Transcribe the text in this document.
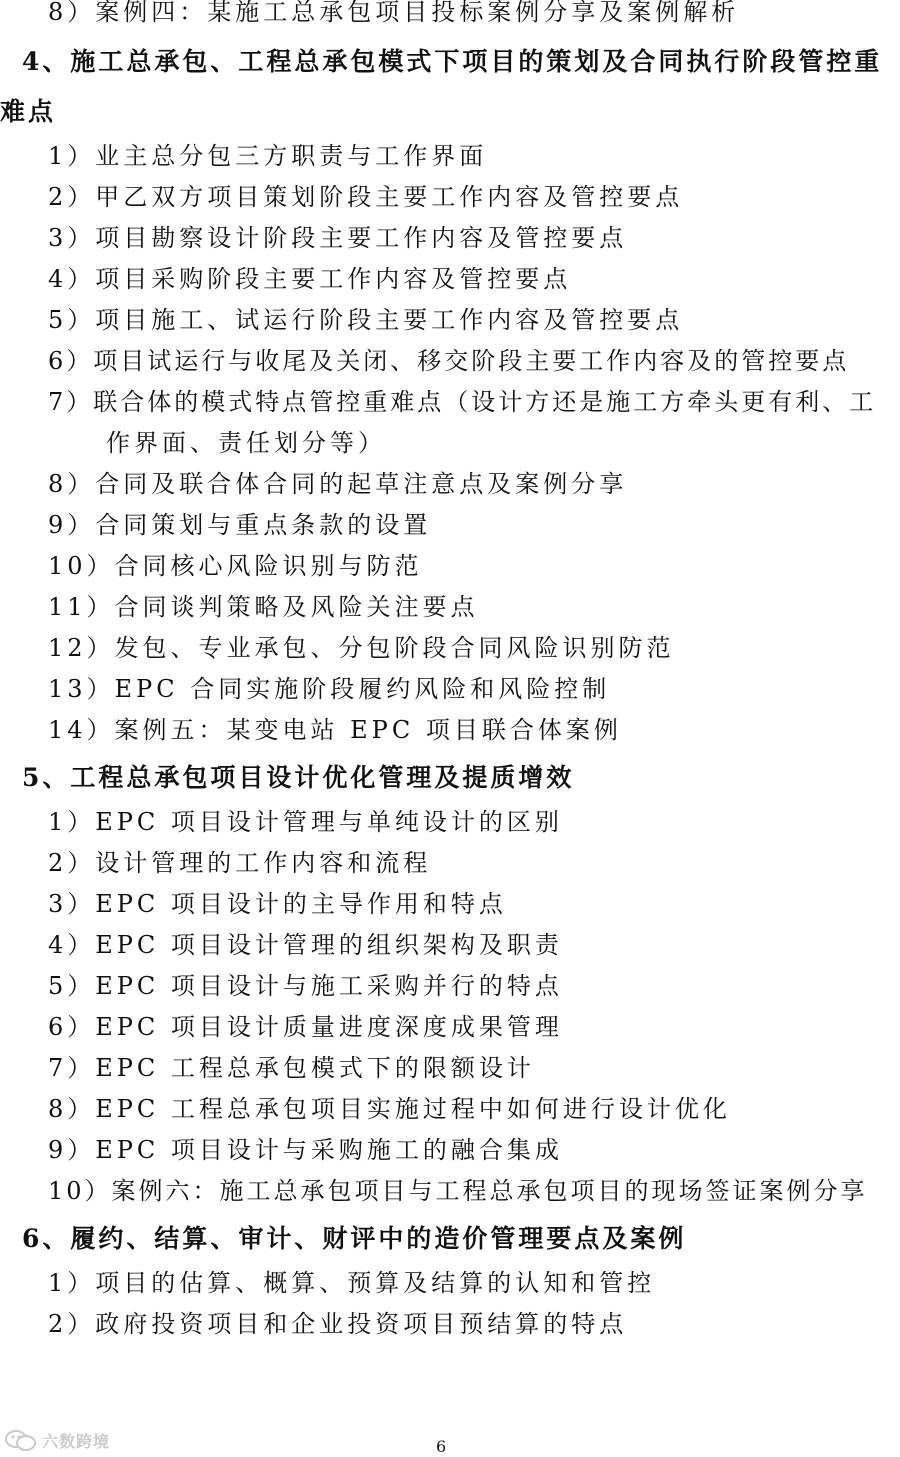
8）案例四：某施工总承包项目投标案例分享及案例解析
4、施工总承包、工程总承包模式下项目的策划及合同执行阶段管控重
难点
1）业主总分包三方职责与工作界面
2）甲乙双方项目策划阶段主要工作内容及管控要点
3）项目勘察设计阶段主要工作内容及管控要点
4）项目采购阶段主要工作内容及管控要点
5）项目施工、试运行阶段主要工作内容及管控要点
6）项目试运行与收尾及关闭、移交阶段主要工作内容及的管控要点
7）联合体的模式特点管控重难点（设计方还是施工方牵头更有利、工
作界面、责任划分等）
8）合同及联合体合同的起草注意点及案例分享
9）合同策划与重点条款的设置
10）合同核心风险识别与防范
11）合同谈判策略及风险关注要点
12）发包、专业承包、分包阶段合同风险识别防范
13）EPC 合同实施阶段履约风险和风险控制
14）案例五：某变电站 EPC 项目联合体案例
5、工程总承包项目设计优化管理及提质增效
1）EPC 项目设计管理与单纯设计的区别
2）设计管理的工作内容和流程
3）EPC 项目设计的主导作用和特点
4）EPC 项目设计管理的组织架构及职责
5）EPC 项目设计与施工采购并行的特点
6）EPC 项目设计质量进度深度成果管理
7）EPC 工程总承包模式下的限额设计
8）EPC 工程总承包项目实施过程中如何进行设计优化
9）EPC 项目设计与采购施工的融合集成
10）案例六：施工总承包项目与工程总承包项目的现场签证案例分享
6、履约、结算、审计、财评中的造价管理要点及案例
1）项目的估算、概算、预算及结算的认知和管控
2）政府投资项目和企业投资项目预结算的特点
六数跨境	6
